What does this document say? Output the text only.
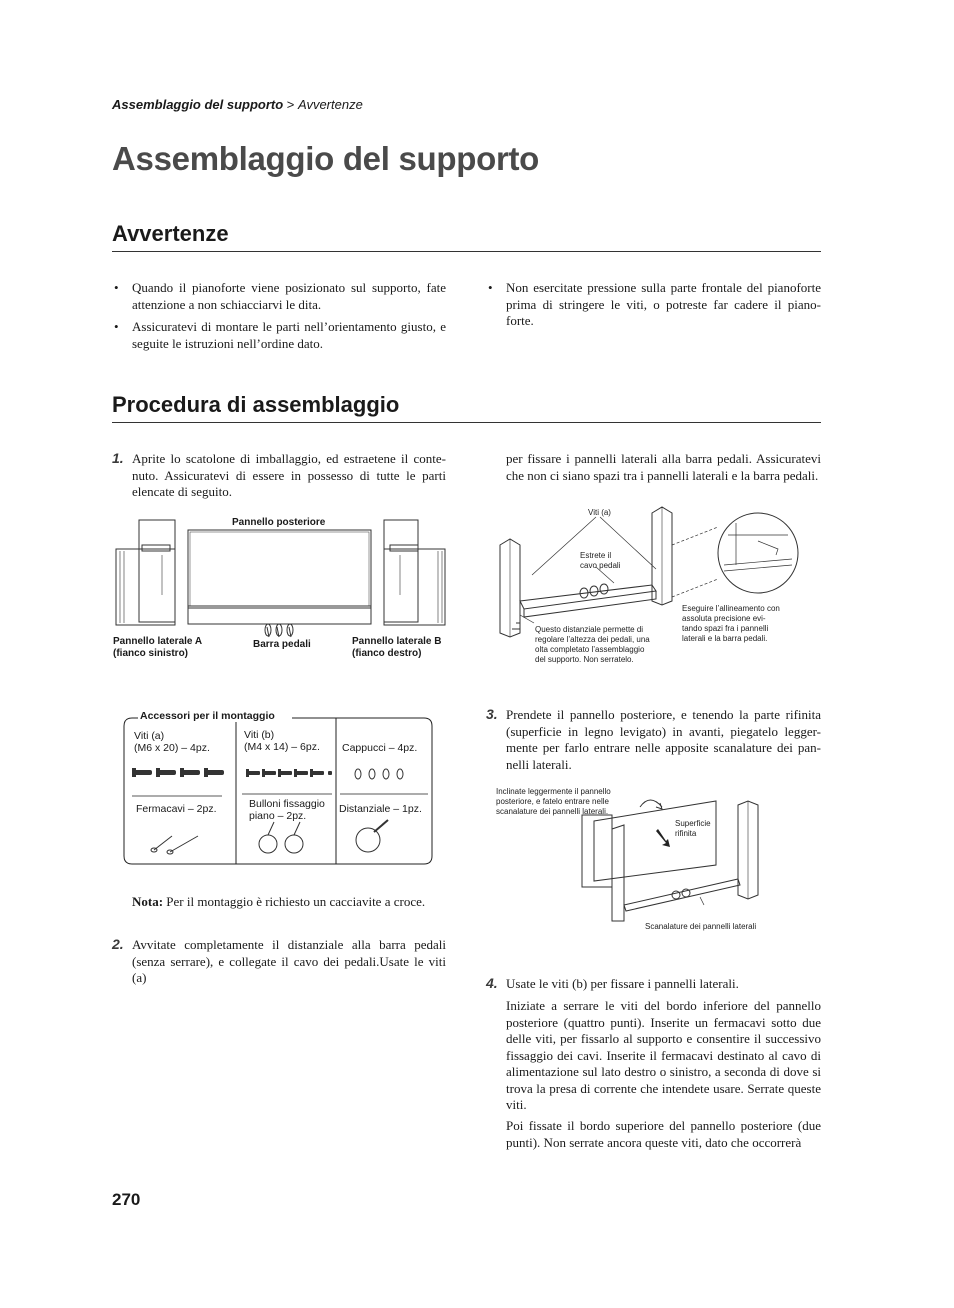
Assemblaggio del supporto > Avvertenze
Assemblaggio del supporto
Avvertenze
• Quando il pianoforte viene posizionato sul supporto, fate attenzione a non schiacciarvi le dita.
• Assicuratevi di montare le parti nell’orientamento giusto, e seguite le istruzioni nell’ordine dato.
• Non esercitate pressione sulla parte frontale del pianoforte prima di stringere le viti, o potreste far cadere il piano- forte.
Procedura di assemblaggio
1. Aprite lo scatolone di imballaggio, ed estraetene il conte- nuto. Assicuratevi di essere in possesso di tutte le parti elencate di seguito.
Pannello posteriore
Pannello laterale A
(fianco sinistro)
Barra pedali	Pannello laterale B
(fianco destro)
Accessori per il montaggio
Viti (a)
(M6 x 20) – 4pz.
Viti (b)
(M4 x 14) – 6pz. Cappucci – 4pz.
Fermacavi – 2pz.	Bulloni fissaggio
piano – 2pz.
Distanziale – 1pz.
Nota: Per il montaggio è richiesto un cacciavite a croce.
2. Avvitate completamente il distanziale alla barra pedali (senza serrare), e collegate il cavo dei pedali.Usate le viti (a)
per fissare i pannelli laterali alla barra pedali. Assicuratevi che non ci siano spazi tra i pannelli laterali e la barra pedali.
Viti (a)
Estrete il
cavo pedali
Questo distanziale permette di
regolare l’altezza dei pedali, una
olta completato l’assemblaggio
del supporto. Non serratelo.
Eseguire l’allineamento con
assoluta precisione evi-
tando spazi fra i pannelli
laterali e la barra pedali.
3. Prendete il pannello posteriore, e tenendo la parte rifinita (superficie in legno levigato) in avanti, piegatelo legger- mente per farlo entrare nelle apposite scanalature dei pan- nelli laterali.
Inclinate leggermente il pannello
posteriore, e fatelo entrare nelle
scanalature dei pannelli laterali.
Superficie
rifinita
Scanalature dei pannelli laterali
4. Usate le viti (b) per fissare i pannelli laterali.
Iniziate a serrare le viti del bordo inferiore del pannello posteriore (quattro punti). Inserite un fermacavi sotto due delle viti, per fissarlo al supporto e consentire il successivo fissaggio dei cavi. Inserite il fermacavi destinato al cavo di alimentazione sul lato destro o sinistro, a seconda di dove si trova la presa di corrente che intendete usare. Serrate queste viti.
Poi fissate il bordo superiore del pannello posteriore (due punti). Non serrate ancora queste viti, dato che occorrerà
270
